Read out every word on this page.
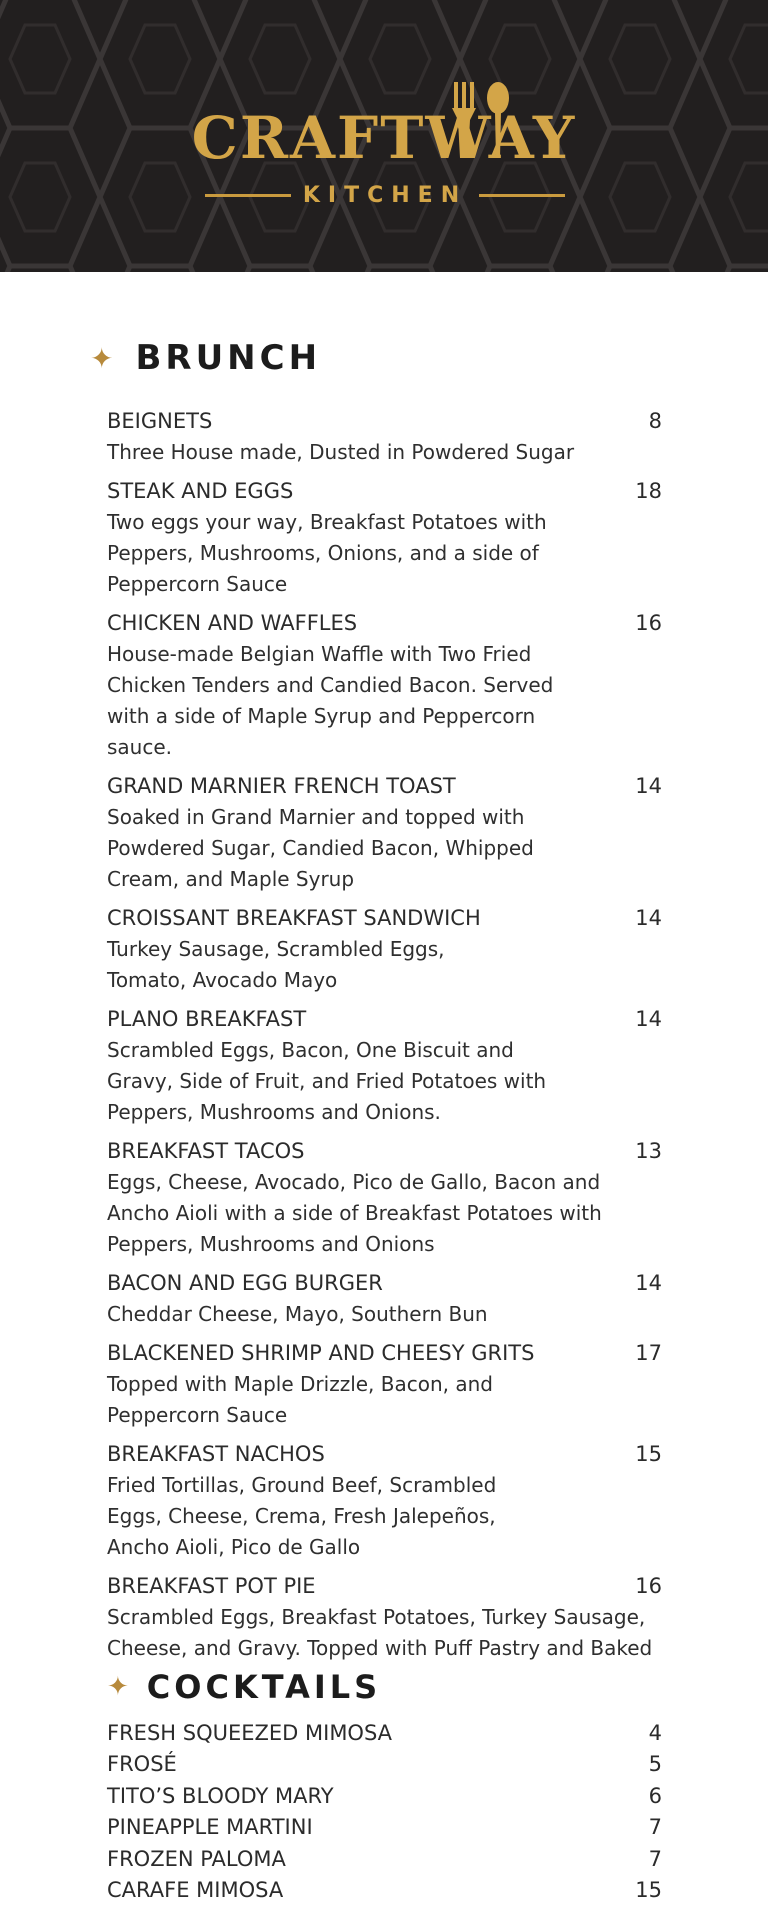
CRAFTWAY
KITCHEN
✦ BRUNCH
BEIGNETS	8
Three House made, Dusted in Powdered Sugar
STEAK AND EGGS	18
Two eggs your way, Breakfast Potatoes with Peppers, Mushrooms, Onions, and a side of Peppercorn Sauce
CHICKEN AND WAFFLES	16
House-made Belgian Waffle with Two Fried Chicken Tenders and Candied Bacon. Served with a side of Maple Syrup and Peppercorn sauce.
GRAND MARNIER FRENCH TOAST	14
Soaked in Grand Marnier and topped with Powdered Sugar, Candied Bacon, Whipped Cream, and Maple Syrup
CROISSANT BREAKFAST SANDWICH	14
Turkey Sausage, Scrambled Eggs, Tomato, Avocado Mayo
PLANO BREAKFAST	14
Scrambled Eggs, Bacon, One Biscuit and Gravy, Side of Fruit, and Fried Potatoes with Peppers, Mushrooms and Onions.
BREAKFAST TACOS	13
Eggs, Cheese, Avocado, Pico de Gallo, Bacon and Ancho Aioli with a side of Breakfast Potatoes with Peppers, Mushrooms and Onions
BACON AND EGG BURGER	14
Cheddar Cheese, Mayo, Southern Bun
BLACKENED SHRIMP AND CHEESY GRITS	17
Topped with Maple Drizzle, Bacon, and Peppercorn Sauce
BREAKFAST NACHOS	15
Fried Tortillas, Ground Beef, Scrambled Eggs, Cheese, Crema, Fresh Jalepeños, Ancho Aioli, Pico de Gallo
BREAKFAST POT PIE	16
Scrambled Eggs, Breakfast Potatoes, Turkey Sausage, Cheese, and Gravy. Topped with Puff Pastry and Baked
✦ COCKTAILS
FRESH SQUEEZED MIMOSA	4
FROSÉ	5
TITO’S BLOODY MARY	6
PINEAPPLE MARTINI	7
FROZEN PALOMA	7
CARAFE MIMOSA	15
